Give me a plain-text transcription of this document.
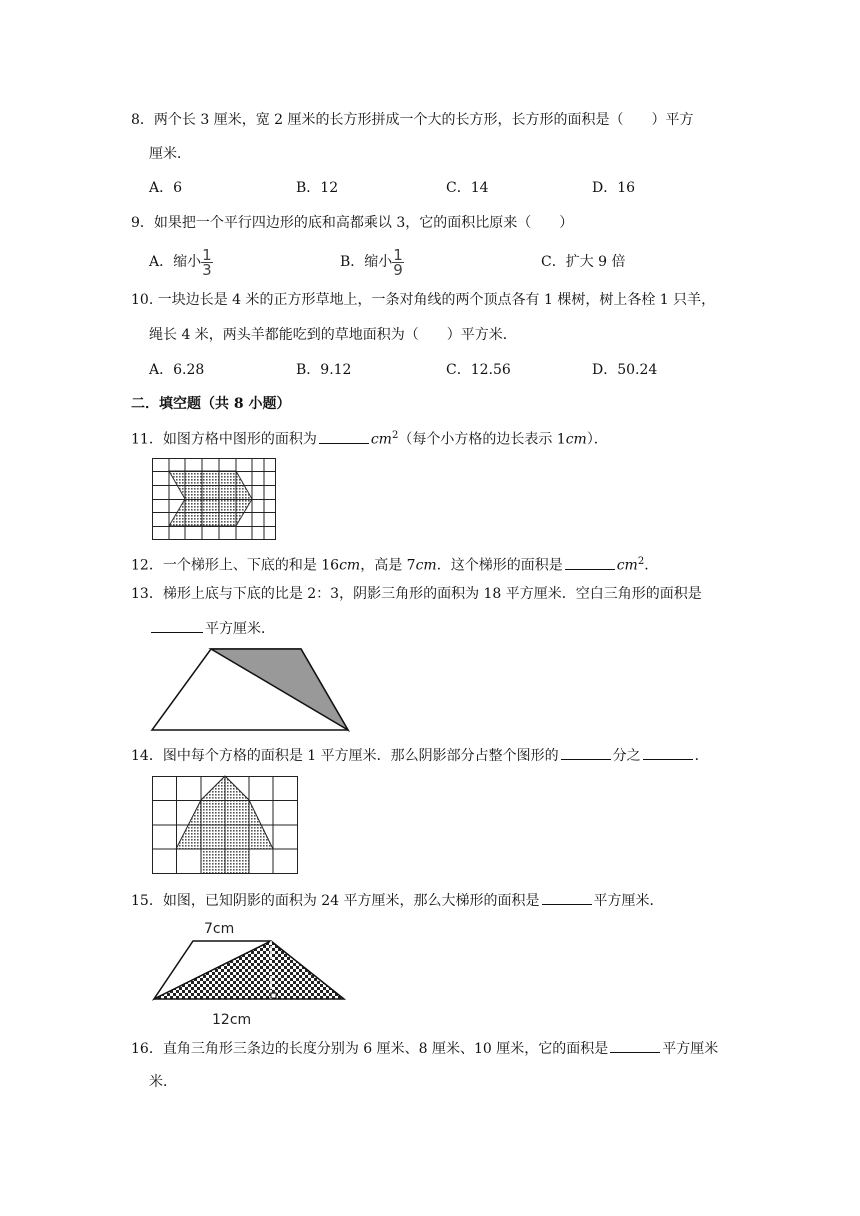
8．两个长 3 厘米，宽 2 厘米的长方形拼成一个大的长方形，长方形的面积是（　　）平方
厘米．
A．6	B．12	C．14	D．16
9．如果把一个平行四边形的底和高都乘以 3，它的面积比原来（　　）
A．缩小 $\frac{1}{3}$	B．缩小 $\frac{1}{9}$	C．扩大 9 倍
10. 一块边长是 4 米的正方形草地上，一条对角线的两个顶点各有 1 棵树，树上各栓 1 只羊，
绳长 4 米，两头羊都能吃到的草地面积为（　　）平方米．
A．6.28	B．9.12	C．12.56	D．50.24
二．填空题（共 8 小题）
11．如图方格中图形的面积为	$cm^2$（每个小方格的边长表示 1cm）．
12．一个梯形上、下底的和是 16cm，高是 7cm．这个梯形的面积是	$cm^2$.
13．梯形上底与下底的比是 2：3，阴影三角形的面积为 18 平方厘米．空白三角形的面积是
平方厘米．
14．图中每个方格的面积是 1 平方厘米．那么阴影部分占整个图形的	分之	．
15．如图，已知阴影的面积为 24 平方厘米，那么大梯形的面积是	平方厘米．
7cm
12cm
16．直角三角形三条边的长度分别为 6 厘米、8 厘米、10 厘米，它的面积是	平方厘米
米．
